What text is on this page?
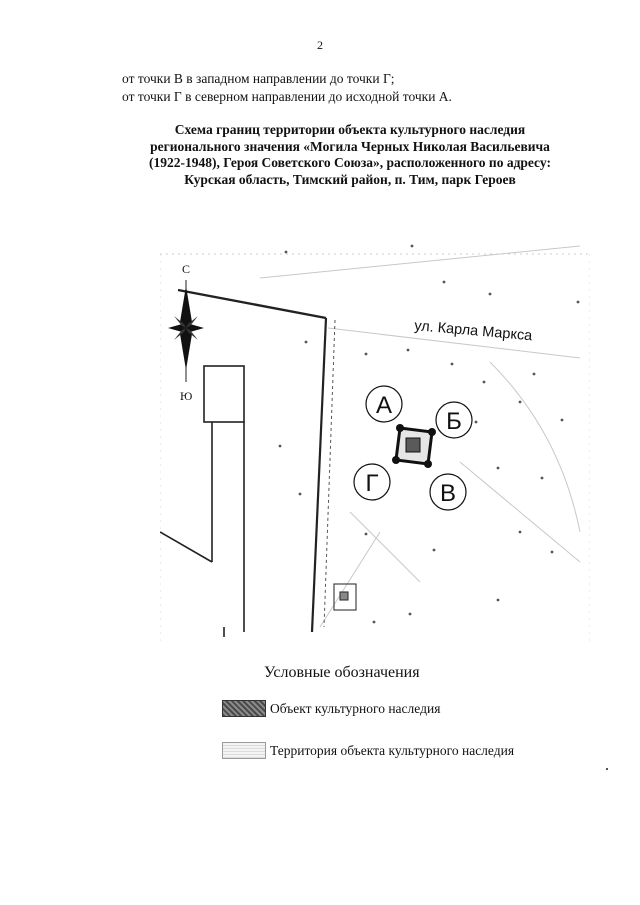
2
от точки В в западном направлении до точки Г;
от точки Г в северном направлении до исходной точки А.
Схема границ территории объекта культурного наследия
регионального значения «Могила Черных Николая Васильевича
(1922-1948), Героя Советского Союза», расположенного по адресу:
Курская область, Тимский район, п. Тим, парк Героев
ул. Карла Маркса
С
Ю	А
Б
В
Г
Условные обозначения
Объект культурного наследия
Территория объекта культурного наследия
